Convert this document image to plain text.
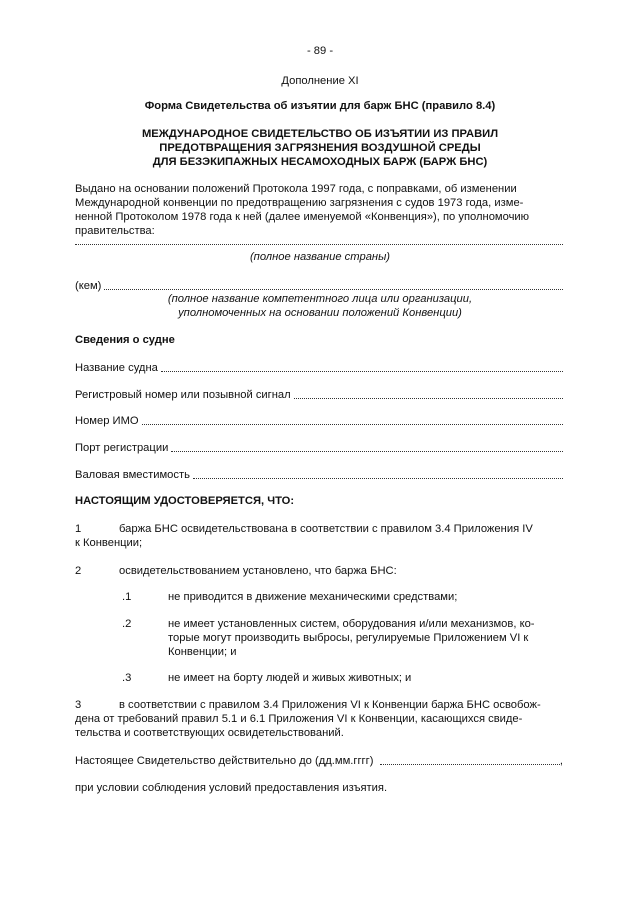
- 89 -
Дополнение XI
Форма Свидетельства об изъятии для барж БНС (правило 8.4)
МЕЖДУНАРОДНОЕ СВИДЕТЕЛЬСТВО ОБ ИЗЪЯТИИ ИЗ ПРАВИЛ
ПРЕДОТВРАЩЕНИЯ ЗАГРЯЗНЕНИЯ ВОЗДУШНОЙ СРЕДЫ
ДЛЯ БЕЗЭКИПАЖНЫХ НЕСАМОХОДНЫХ БАРЖ (БАРЖ БНС)
Выдано на основании положений Протокола 1997 года, с поправками, об изменении
Международной конвенции по предотвращению загрязнения с судов 1973 года, изме-
ненной Протоколом 1978 года к ней (далее именуемой «Конвенция»), по уполномочию
правительства:
(полное название страны)
(кем)
(полное название компетентного лица или организации,
уполномоченных на основании положений Конвенции)
Сведения о судне
Название судна
Регистровый номер или позывной сигнал
Номер ИМО
Порт регистрации
Валовая вместимость
НАСТОЯЩИМ УДОСТОВЕРЯЕТСЯ, ЧТО:
1	баржа БНС освидетельствована в соответствии с правилом 3.4 Приложения IV
к Конвенции;
2	освидетельствованием установлено, что баржа БНС:
.1	не приводится в движение механическими средствами;
.2	не имеет установленных систем, оборудования и/или механизмов, ко-
торые могут производить выбросы, регулируемые Приложением VI к
Конвенции; и
.3	не имеет на борту людей и живых животных; и
3	в соответствии с правилом 3.4 Приложения VI к Конвенции баржа БНС освобож-
дена от требований правил 5.1 и 6.1 Приложения VI к Конвенции, касающихся свиде-
тельства и соответствующих освидетельствований.
Настоящее Свидетельство действительно до (дд.мм.гггг)	,
при условии соблюдения условий предоставления изъятия.
